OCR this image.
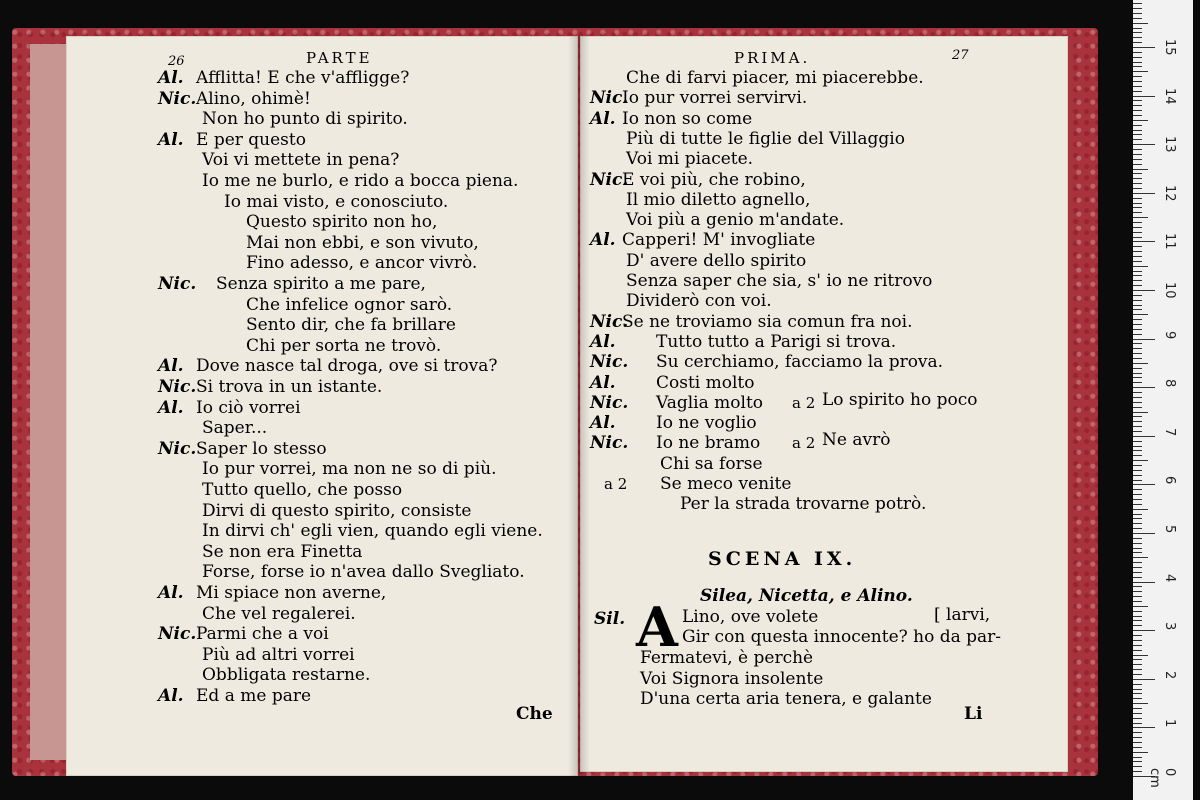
26	PARTE
Al. Afflitta! E che v'affligge?
Nic. Alino, ohimè!
Non ho punto di spirito.
Al. E per questo
Voi vi mettete in pena?
Io me ne burlo, e rido a bocca piena.
Io mai visto, e conosciuto.
Questo spirito non ho,
Mai non ebbi, e son vivuto,
Fino adesso, e ancor vivrò.
Nic. Senza spirito a me pare,
Che infelice ognor sarò.
Sento dir, che fa brillare
Chi per sorta ne trovò.
Al. Dove nasce tal droga, ove si trova?
Nic. Si trova in un istante.
Al. Io ciò vorrei
Saper...
Nic. Saper lo stesso
Io pur vorrei, ma non ne so di più.
Tutto quello, che posso
Dirvi di questo spirito, consiste
In dirvi ch' egli vien, quando egli viene.
Se non era Finetta
Forse, forse io n'avea dallo Svegliato.
Al. Mi spiace non averne,
Che vel regalerei.
Nic. Parmi che a voi
Più ad altri vorrei
Obbligata restarne.
Al. Ed a me pare
Che
PRIMA.	27
Che di farvi piacer, mi piacerebbe.
Nic.
Io pur vorrei servirvi.
Al. Io non so come
Più di tutte le figlie del Villaggio
Voi mi piacete.
Nic.
E voi più, che robino,
Il mio diletto agnello,
Voi più a genio m'andate.
Al. Capperi! M' invogliate
D' avere dello spirito
Senza saper che sia, s' io ne ritrovo
Dividerò con voi.
Nic.
Se ne troviamo sia comun fra noi.
Al. Tutto tutto a Parigi si trova.
Nic. Su cerchiamo, facciamo la prova.
Al. Costi molto
Nic. Vaglia molto
Al. Io ne voglio
Nic. Io ne bramo
Chi sa forse
a 2 Se meco venite
Per la strada trovarne potrò.
a 2 Lo spirito ho poco
a 2 Ne avrò
SCENA IX.
Silea, Nicetta, e Alino.
Sil. A Lino, ove volete	[ larvi,
Gir con questa innocente? ho da par-
Fermatevi, è perchè
Voi Signora insolente
D'una certa aria tenera, e galante
Li
0 cm
1
2
3
4
5
6
7
8
9
10
11
12
13
14
15
